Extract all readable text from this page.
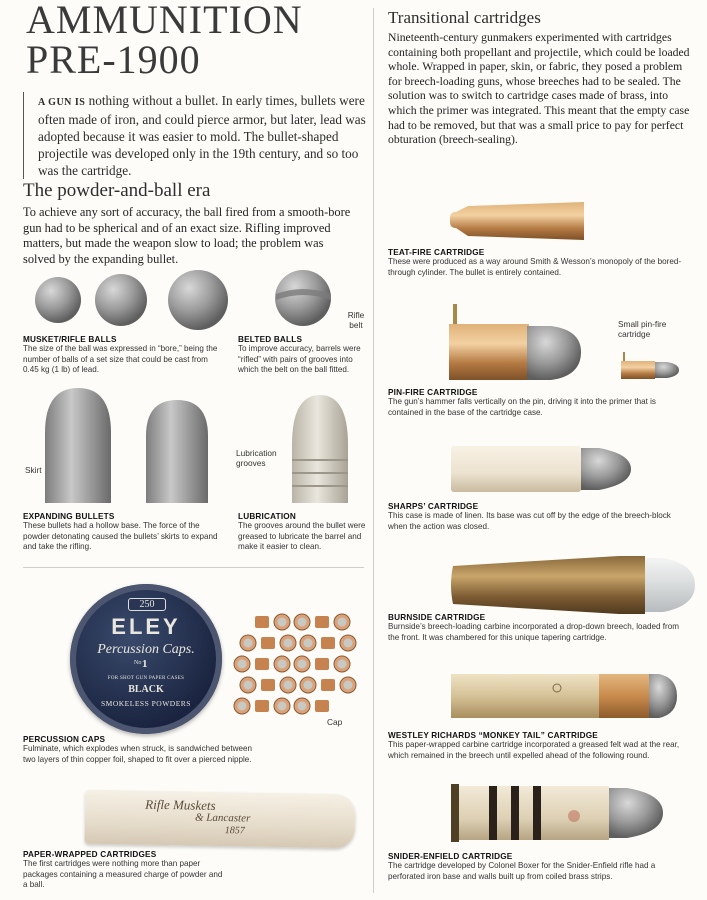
AMMUNITION
PRE-1900
A GUN IS nothing without a bullet. In early times, bullets were often made of iron, and could pierce armor, but later, lead was adopted because it was easier to mold. The bullet-shaped projectile was developed only in the 19th century, and so too was the cartridge.
The powder-and-ball era
To achieve any sort of accuracy, the ball fired from a smooth-bore gun had to be spherical and of an exact size. Rifling improved matters, but made the weapon slow to load; the problem was solved by the expanding bullet.
Rifle belt
MUSKET/RIFLE BALLS
The size of the ball was expressed in “bore,” being the number of balls of a set size that could be cast from 0.45 kg (1 lb) of lead.
BELTED BALLS
To improve accuracy, barrels were “rifled” with pairs of grooves into which the belt on the ball fitted.
Skirt
Lubrication grooves
EXPANDING BULLETS
These bullets had a hollow base. The force of the powder detonating caused the bullets’ skirts to expand and take the rifling.
LUBRICATION
The grooves around the bullet were greased to lubricate the barrel and make it easier to clean.
250
ELEY
Percussion Caps.
No 1
FOR SHOT GUN PAPER CASES
BLACK
SMOKELESS POWDERS
Cap
PERCUSSION CAPS
Fulminate, which explodes when struck, is sandwiched between two layers of thin copper foil, shaped to fit over a pierced nipple.
Rifle Muskets
& Lancaster
1857
PAPER-WRAPPED CARTRIDGES
The first cartridges were nothing more than paper packages containing a measured charge of powder and a ball.
Transitional cartridges
Nineteenth-century gunmakers experimented with cartridges containing both propellant and projectile, which could be loaded whole. Wrapped in paper, skin, or fabric, they posed a problem for breech-loading guns, whose breeches had to be sealed. The solution was to switch to cartridge cases made of brass, into which the primer was integrated. This meant that the empty case had to be removed, but that was a small price to pay for perfect obturation (breech-sealing).
TEAT-FIRE CARTRIDGE
These were produced as a way around Smith & Wesson’s monopoly of the bored-through cylinder. The bullet is entirely contained.
Small pin-fire cartridge
PIN-FIRE CARTRIDGE
The gun’s hammer falls vertically on the pin, driving it into the primer that is contained in the base of the cartridge case.
SHARPS’ CARTRIDGE
This case is made of linen. Its base was cut off by the edge of the breech-block when the action was closed.
BURNSIDE CARTRIDGE
Burnside’s breech-loading carbine incorporated a drop-down breech, loaded from the front. It was chambered for this unique tapering cartridge.
WESTLEY RICHARDS “MONKEY TAIL” CARTRIDGE
This paper-wrapped carbine cartridge incorporated a greased felt wad at the rear, which remained in the breech until expelled ahead of the following round.
SNIDER-ENFIELD CARTRIDGE
The cartridge developed by Colonel Boxer for the Snider-Enfield rifle had a perforated iron base and walls built up from coiled brass strips.
